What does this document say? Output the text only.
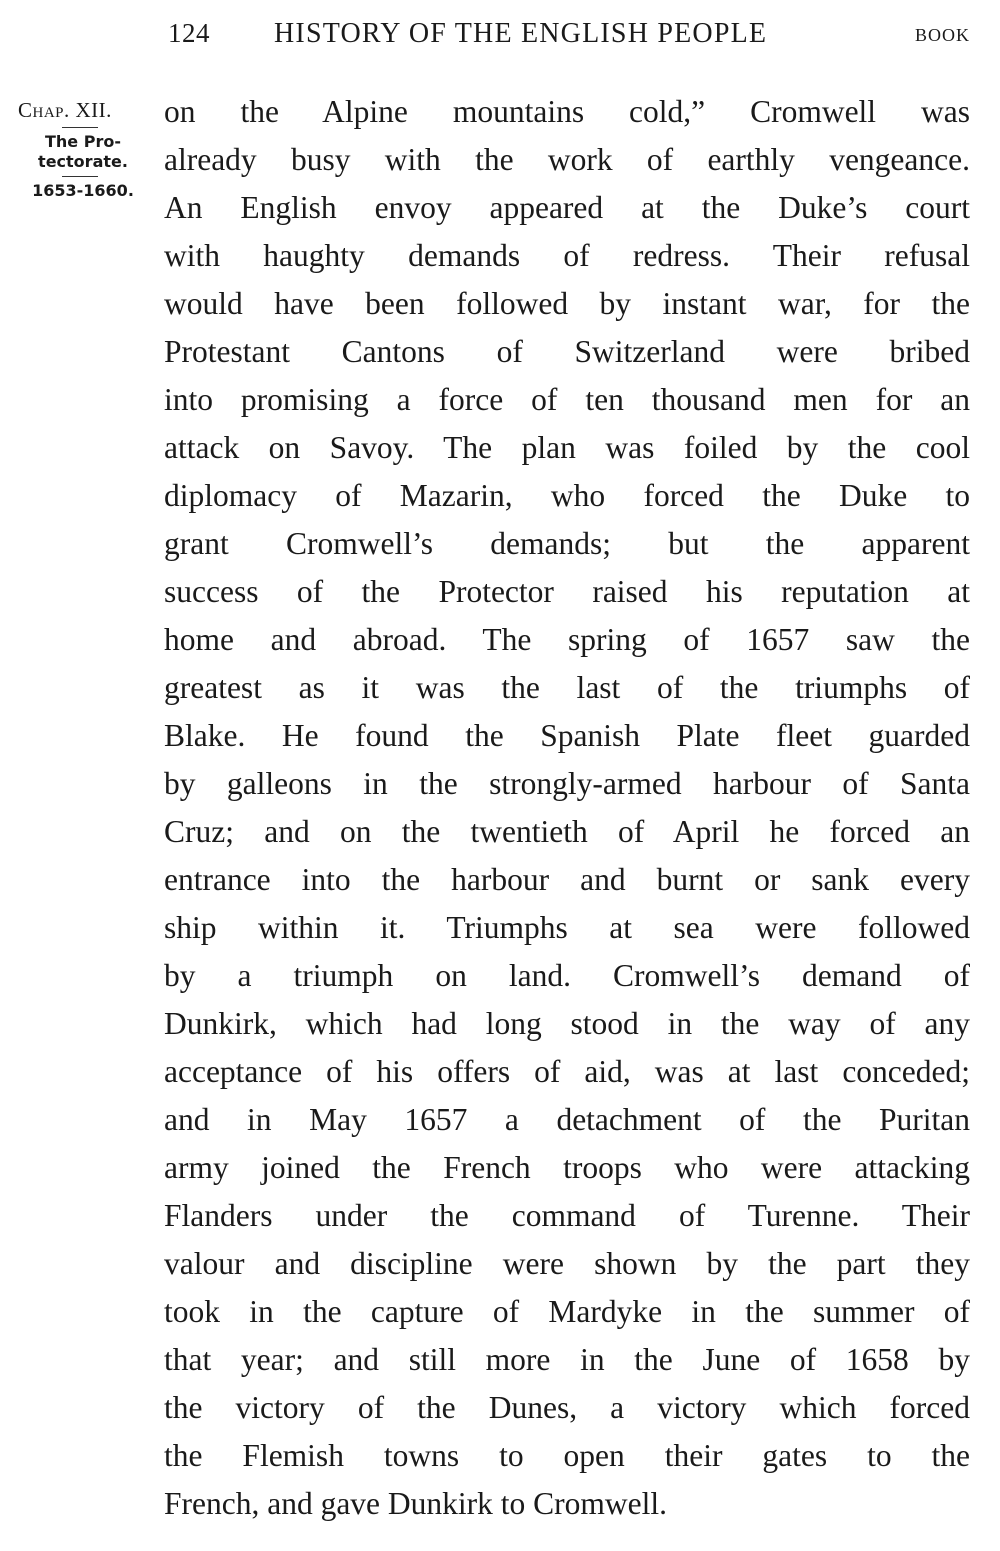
124 HISTORY OF THE ENGLISH PEOPLE	BOOK
Chap. XII.
The Pro-
tectorate.
1653-1660.
on the Alpine mountains cold,” Cromwell was
already busy with the work of earthly vengeance.
An English envoy appeared at the Duke’s court
with haughty demands of redress. Their refusal
would have been followed by instant war, for the
Protestant Cantons of Switzerland were bribed
into promising a force of ten thousand men for an
attack on Savoy. The plan was foiled by the cool
diplomacy of Mazarin, who forced the Duke to
grant Cromwell’s demands; but the apparent
success of the Protector raised his reputation at
home and abroad. The spring of 1657 saw the
greatest as it was the last of the triumphs of
Blake. He found the Spanish Plate fleet guarded
by galleons in the strongly-armed harbour of Santa
Cruz; and on the twentieth of April he forced an
entrance into the harbour and burnt or sank every
ship within it. Triumphs at sea were followed
by a triumph on land. Cromwell’s demand of
Dunkirk, which had long stood in the way of any
acceptance of his offers of aid, was at last conceded;
and in May 1657 a detachment of the Puritan
army joined the French troops who were attacking
Flanders under the command of Turenne. Their
valour and discipline were shown by the part they
took in the capture of Mardyke in the summer of
that year; and still more in the June of 1658 by
the victory of the Dunes, a victory which forced
the Flemish towns to open their gates to the
French, and gave Dunkirk to Cromwell.
